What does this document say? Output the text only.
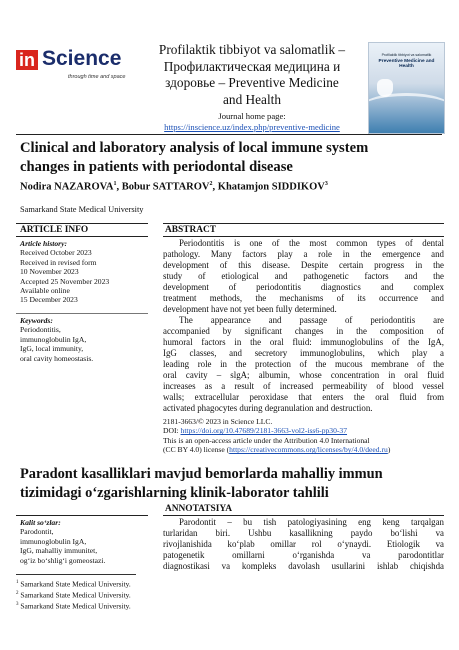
in Science
through time and space
Profilaktik tibbiyot va salomatlik –
Профилактическая медицина и
здоровье – Preventive Medicine
and Health
Journal home page:
https://inscience.uz/index.php/preventive-medicine
Profilaktik tibbiyot va salomatlik
Preventive Medicine and Health
Clinical and laboratory analysis of local immune system
changes in patients with periodontal disease
Nodira NAZAROVA$^1$, Bobur SATTAROV$^2$, Khatamjon SIDDIKOV$^3$
Samarkand State Medical University
ARTICLE INFO	ABSTRACT
Article history:
Received October 2023
Received in revised form
10 November 2023
Accepted 25 November 2023
Available online
15 December 2023
Keywords:
Periodontitis,
immunoglobulin IgA,
IgG, local immunity,
oral cavity homeostasis.
Periodontitis is one of the most common types of dental
pathology. Many factors play a role in the emergence and
development of this disease. Despite certain progress in the
study of etiological and pathogenetic factors and the
development of periodontitis diagnostics and complex
treatment methods, the mechanisms of its occurrence and
development have not yet been fully determined.
The appearance and passage of periodontitis are
accompanied by significant changes in the composition of
humoral factors in the oral fluid: immunoglobulins of the IgA,
IgG classes, and secretory immunoglobulins, which play a
leading role in the protection of the mucous membrane of the
oral cavity – slgA; albumin, whose concentration in oral fluid
increases as a result of increased permeability of blood vessel
walls; extracellular peroxidase that enters the oral fluid from
activated phagocytes during degranulation and destruction.
2181-3663/© 2023 in Science LLC.
DOI: https://doi.org/10.47689/2181-3663-vol2-iss6-pp30-37
This is an open-access article under the Attribution 4.0 International
(CC BY 4.0) license (https://creativecommons.org/licenses/by/4.0/deed.ru)
Paradont kasalliklari mavjud bemorlarda mahalliy immun
tizimidagi o‘zgarishlarning klinik-laborator tahlili
ANNOTATSIYA
Kalit so‘zlar:
Parodontit,
immunoglobulin IgA,
IgG, mahalliy immunitet,
og‘iz bo‘shlig‘i gomeostazi.
Parodontit – bu tish patologiyasining eng keng tarqalgan
turlaridan biri. Ushbu kasallikning paydo bo‘lishi va
rivojlanishida ko‘plab omillar rol o‘ynaydi. Etiologik va
patogenetik omillarni o‘rganishda va parodontitlar
diagnostikasi va kompleks davolash usullarini ishlab chiqishda
$^1$ Samarkand State Medical University.
$^2$ Samarkand State Medical University.
$^3$ Samarkand State Medical University.
